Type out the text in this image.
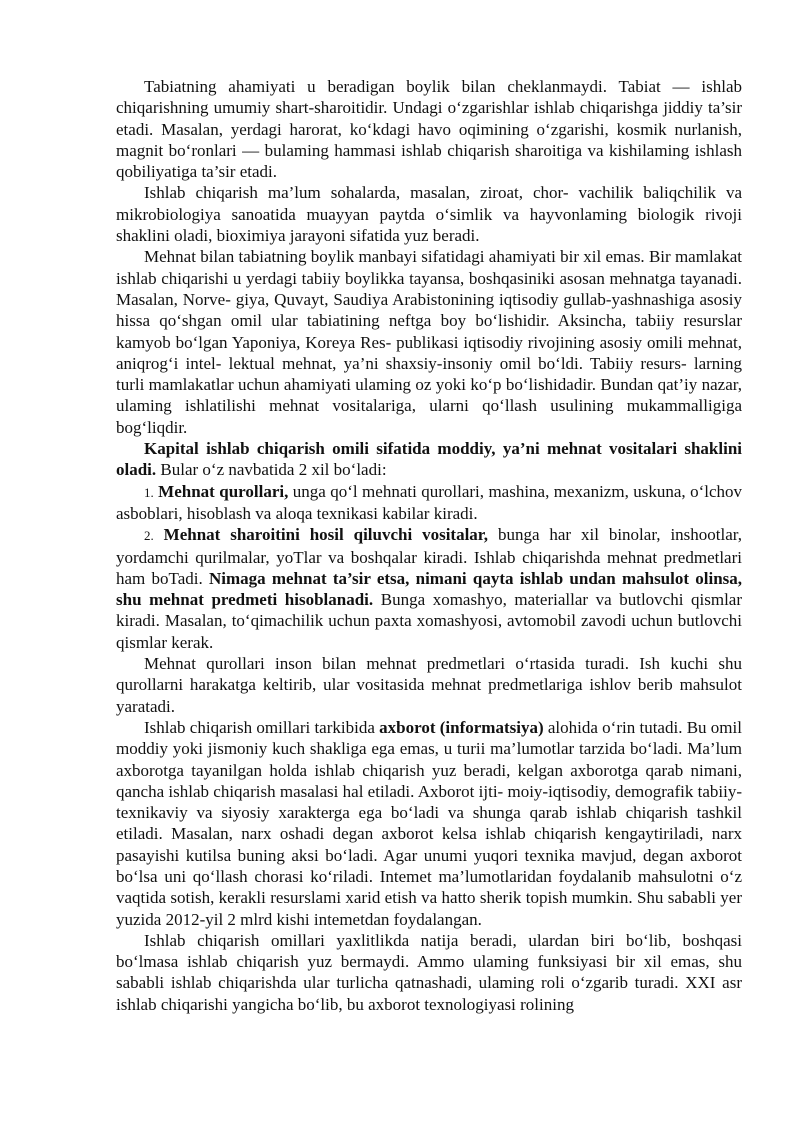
Tabiatning ahamiyati u beradigan boylik bilan cheklanmaydi. Tabiat — ishlab chiqarishning umumiy shart-sharoitidir. Undagi o‘zgarishlar ishlab chiqarishga jiddiy ta’sir etadi. Masalan, yerdagi harorat, ko‘kdagi havo oqimining o‘zgarishi, kosmik nurlanish, magnit bo‘ronlari — bulaming hammasi ishlab chiqarish sharoitiga va kishilaming ishlash qobiliyatiga ta’sir etadi.

Ishlab chiqarish ma’lum sohalarda, masalan, ziroat, chor- vachilik baliqchilik va mikrobiologiya sanoatida muayyan paytda o‘simlik va hayvonlaming biologik rivoji shaklini oladi, bioximiya jarayoni sifatida yuz beradi.

Mehnat bilan tabiatning boylik manbayi sifatidagi ahamiyati bir xil emas. Bir mamlakat ishlab chiqarishi u yerdagi tabiiy boylikka tayansa, boshqasiniki asosan mehnatga tayanadi. Masalan, Norve- giya, Quvayt, Saudiya Arabistonining iqtisodiy gullab-yashnashiga asosiy hissa qo‘shgan omil ular tabiatining neftga boy bo‘lishidir. Aksincha, tabiiy resurslar kamyob bo‘lgan Yaponiya, Koreya Res- publikasi iqtisodiy rivojining asosiy omili mehnat, aniqrog‘i intel- lektual mehnat, ya’ni shaxsiy-insoniy omil bo‘ldi. Tabiiy resurs- larning turli mamlakatlar uchun ahamiyati ulaming oz yoki ko‘p bo‘lishidadir. Bundan qat’iy nazar, ulaming ishlatilishi mehnat vositalariga, ularni qo‘llash usulining mukammalligiga bog‘liqdir.

Kapital ishlab chiqarish omili sifatida moddiy, ya’ni mehnat vositalari shaklini oladi. Bular o‘z navbatida 2 xil bo‘ladi:

1. Mehnat qurollari, unga qo‘l mehnati qurollari, mashina, mexanizm, uskuna, o‘lchov asboblari, hisoblash va aloqa texnikasi kabilar kiradi.

2. Mehnat sharoitini hosil qiluvchi vositalar, bunga har xil binolar, inshootlar, yordamchi qurilmalar, yoTlar va boshqalar kiradi. Ishlab chiqarishda mehnat predmetlari ham boTadi. Nimaga mehnat ta’sir etsa, nimani qayta ishlab undan mahsulot olinsa, shu mehnat predmeti hisoblanadi. Bunga xomashyo, materiallar va butlovchi qismlar kiradi. Masalan, to‘qimachilik uchun paxta xomashyosi, avtomobil zavodi uchun butlovchi qismlar kerak.

Mehnat qurollari inson bilan mehnat predmetlari o‘rtasida turadi. Ish kuchi shu qurollarni harakatga keltirib, ular vositasida mehnat predmetlariga ishlov berib mahsulot yaratadi.

Ishlab chiqarish omillari tarkibida axborot (informatsiya) alohida o‘rin tutadi. Bu omil moddiy yoki jismoniy kuch shakliga ega emas, u turii ma’lumotlar tarzida bo‘ladi. Ma’lum axborotga tayanilgan holda ishlab chiqarish yuz beradi, kelgan axborotga qarab nimani, qancha ishlab chiqarish masalasi hal etiladi. Axborot ijti- moiy-iqtisodiy, demografik tabiiy-texnikaviy va siyosiy xarakterga ega bo‘ladi va shunga qarab ishlab chiqarish tashkil etiladi. Masalan, narx oshadi degan axborot kelsa ishlab chiqarish kengaytiriladi, narx pasayishi kutilsa buning aksi bo‘ladi. Agar unumi yuqori texnika mavjud, degan axborot bo‘lsa uni qo‘llash chorasi ko‘riladi. Intemet ma’lumotlaridan foydalanib mahsulotni o‘z vaqtida sotish, kerakli resurslami xarid etish va hatto sherik topish mumkin. Shu sababli yer yuzida 2012-yil 2 mlrd kishi intemetdan foydalangan.

Ishlab chiqarish omillari yaxlitlikda natija beradi, ulardan biri bo‘lib, boshqasi bo‘lmasa ishlab chiqarish yuz bermaydi. Ammo ulaming funksiyasi bir xil emas, shu sababli ishlab chiqarishda ular turlicha qatnashadi, ulaming roli o‘zgarib turadi. XXI asr ishlab chiqarishi yangicha bo‘lib, bu axborot texnologiyasi rolining
